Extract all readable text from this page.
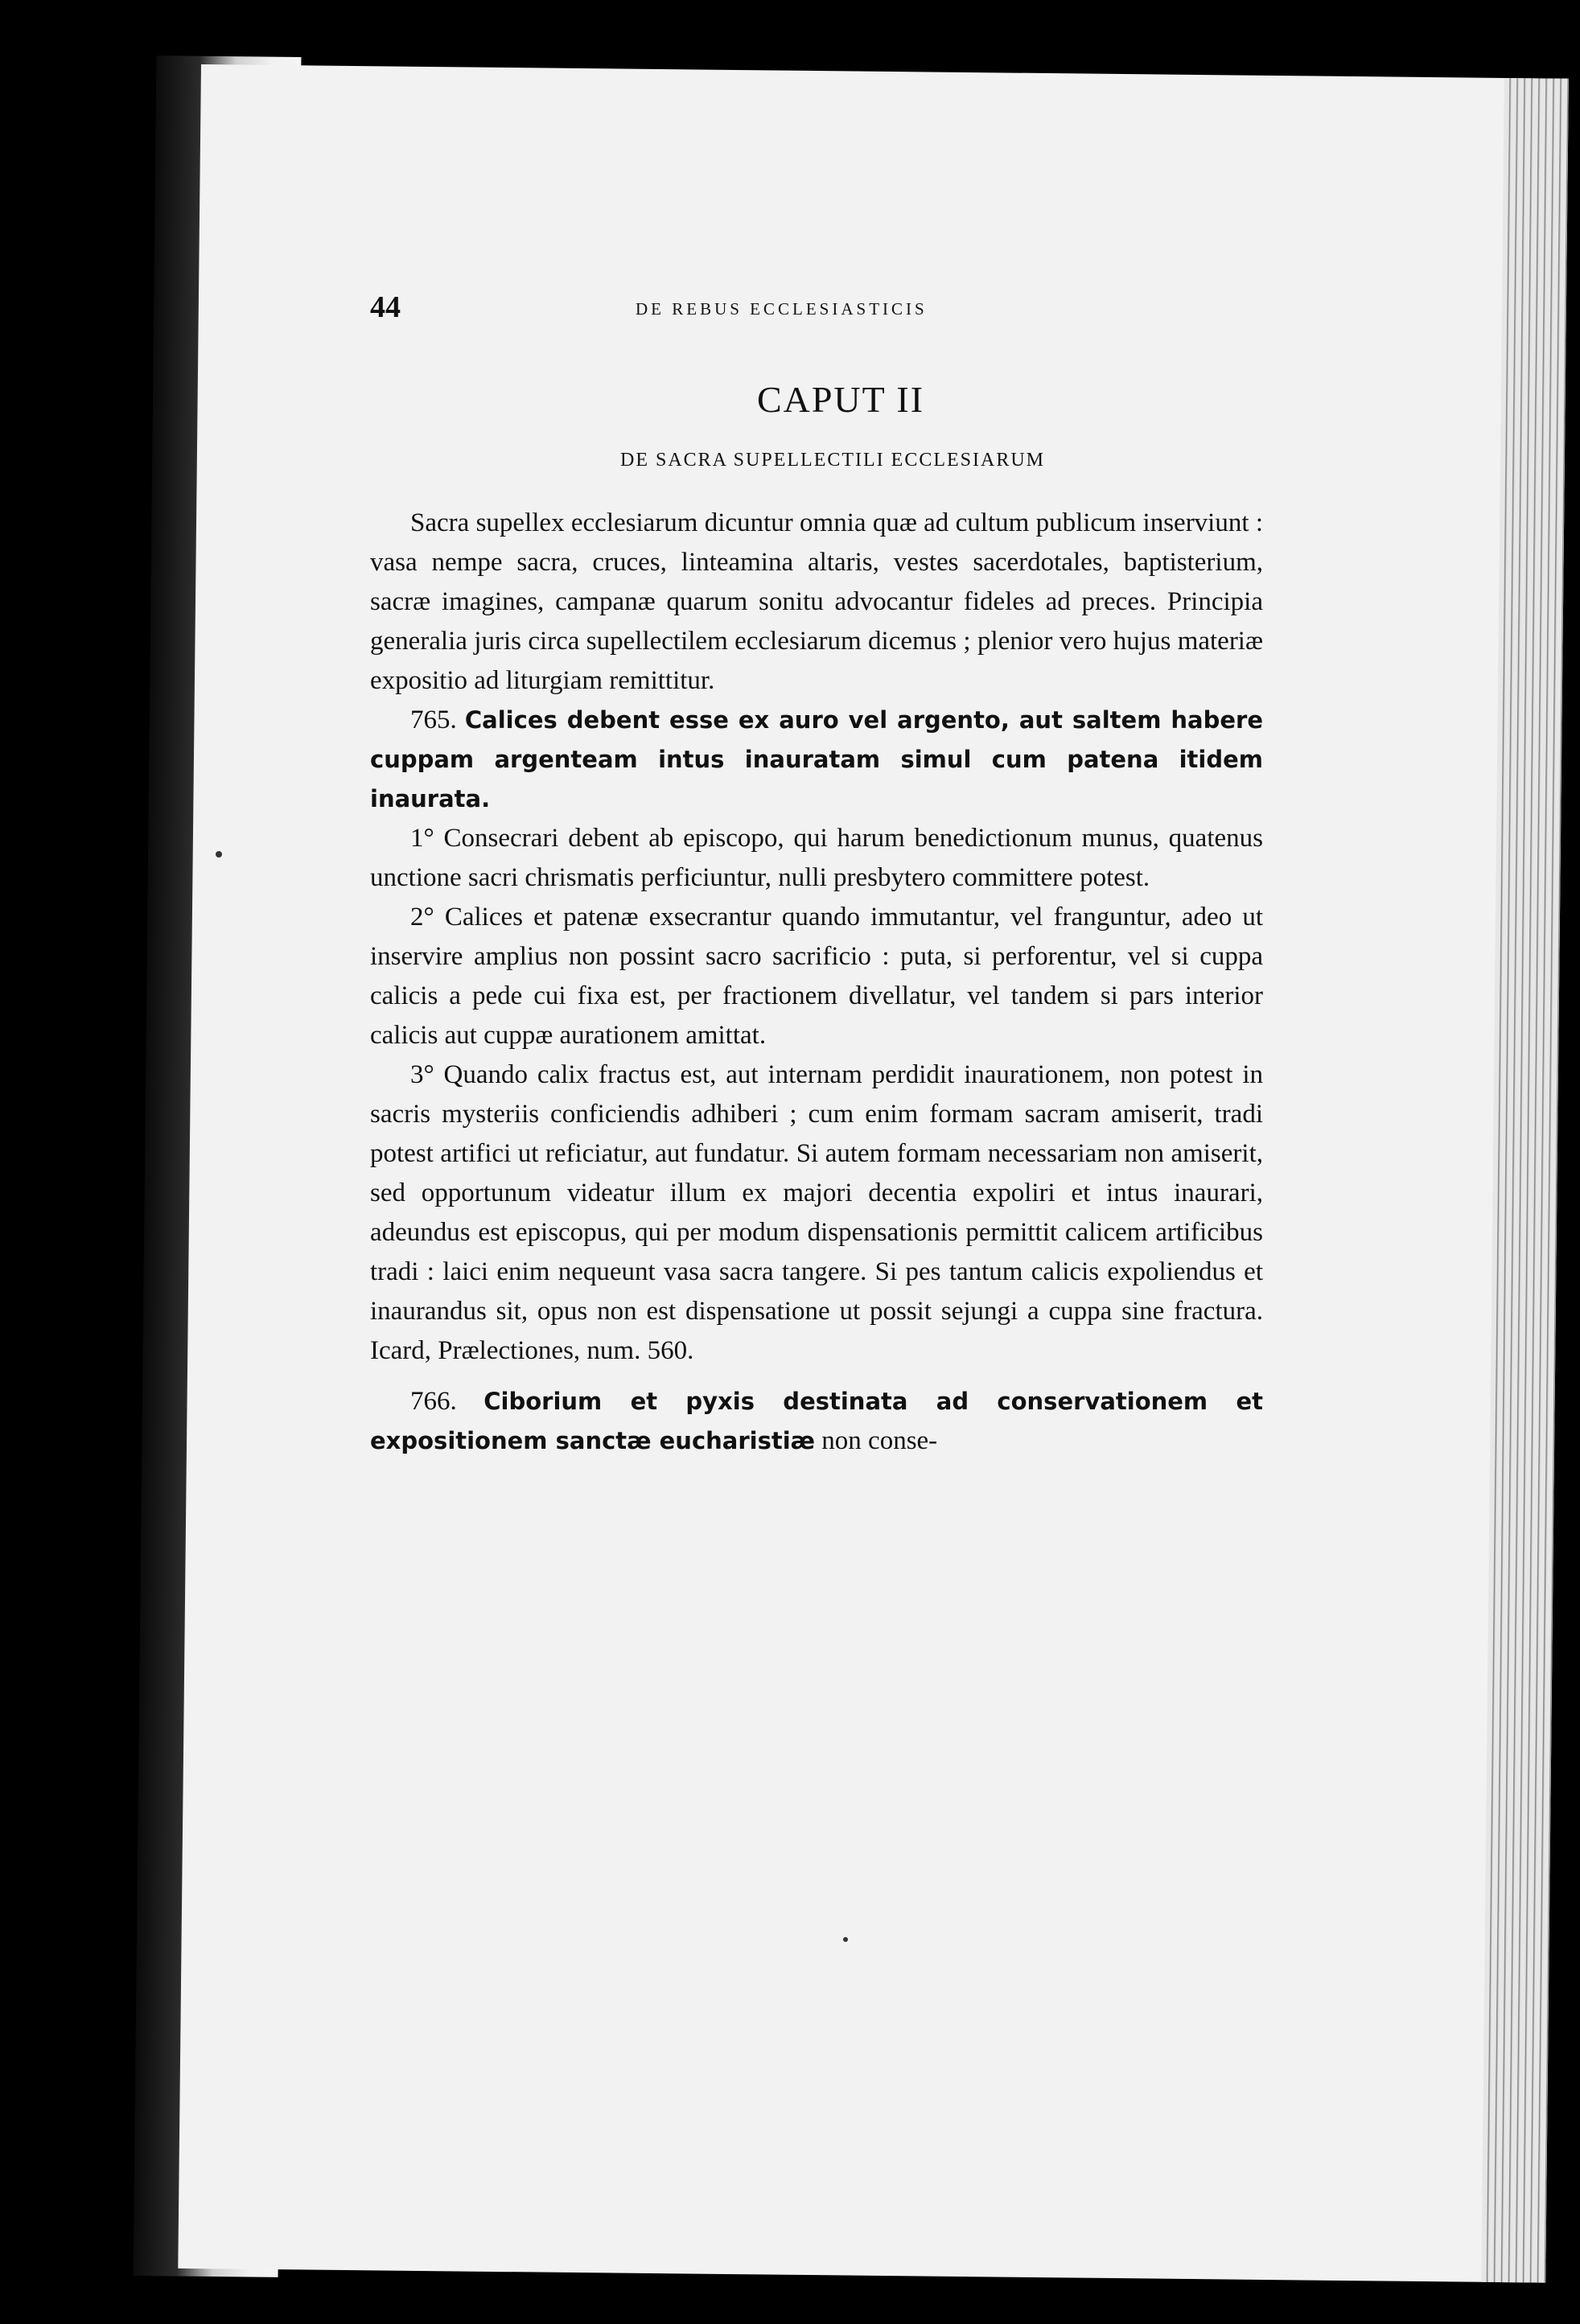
44	DE REBUS ECCLESIASTICIS
CAPUT II
DE SACRA SUPELLECTILI ECCLESIARUM

Sacra supellex ecclesiarum dicuntur omnia quæ ad cultum publicum inserviunt : vasa nempe sacra, cruces, linteamina altaris, vestes sacerdotales, baptisterium, sacræ imagines, campanæ quarum sonitu advocantur fideles ad preces. Principia generalia juris circa supellectilem ecclesiarum dicemus ; plenior vero hujus materiæ expositio ad liturgiam remittitur.

765. Calices debent esse ex auro vel argento, aut saltem habere cuppam argenteam intus inauratam simul cum patena itidem inaurata.

1° Consecrari debent ab episcopo, qui harum benedictionum munus, quatenus unctione sacri chrismatis perficiuntur, nulli presbytero committere potest.

2° Calices et patenæ exsecrantur quando immutantur, vel franguntur, adeo ut inservire amplius non possint sacro sacrificio : puta, si perforentur, vel si cuppa calicis a pede cui fixa est, per fractionem divellatur, vel tandem si pars interior calicis aut cuppæ aurationem amittat.

3° Quando calix fractus est, aut internam perdidit inaurationem, non potest in sacris mysteriis conficiendis adhiberi ; cum enim formam sacram amiserit, tradi potest artifici ut reficiatur, aut fundatur. Si autem formam necessariam non amiserit, sed opportunum videatur illum ex majori decentia expoliri et intus inaurari, adeundus est episcopus, qui per modum dispensationis permittit calicem artificibus tradi : laici enim nequeunt vasa sacra tangere. Si pes tantum calicis expoliendus et inaurandus sit, opus non est dispensatione ut possit sejungi a cuppa sine fractura. Icard, Prælectiones, num. 560.

766. Ciborium et pyxis destinata ad conservationem et expositionem sanctæ eucharistiæ non conse-
